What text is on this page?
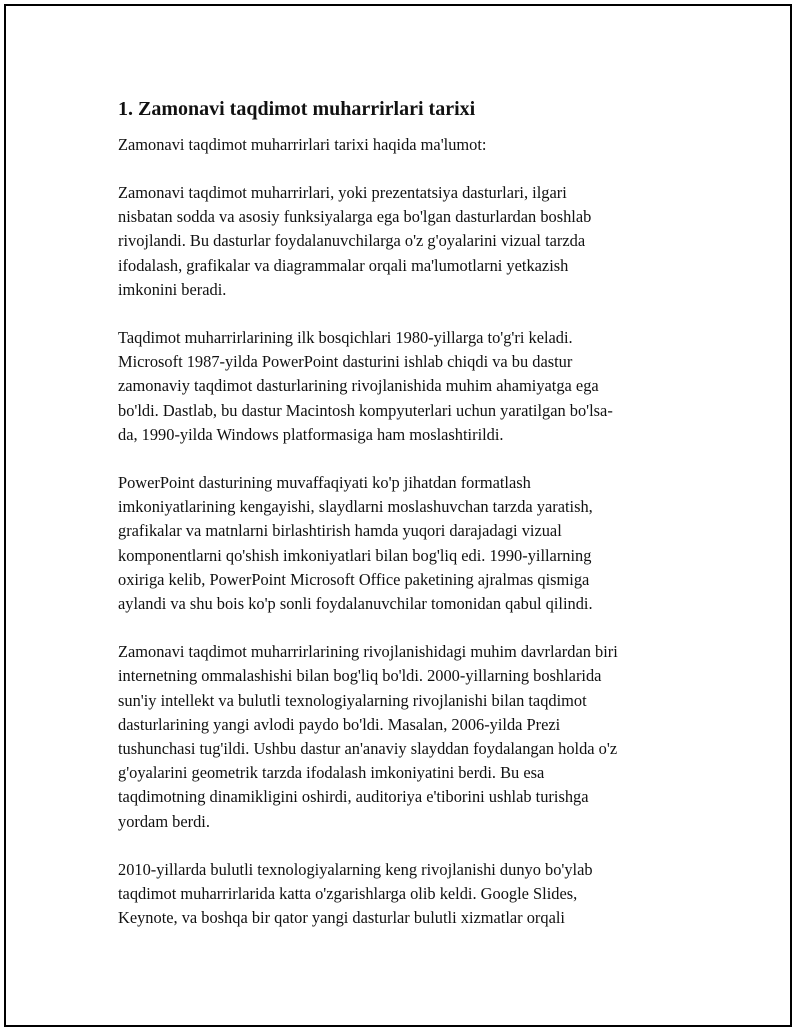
1. Zamonavi taqdimot muharrirlari tarixi

Zamonavi taqdimot muharrirlari tarixi haqida ma'lumot:

Zamonavi taqdimot muharrirlari, yoki prezentatsiya dasturlari, ilgari
nisbatan sodda va asosiy funksiyalarga ega bo'lgan dasturlardan boshlab
rivojlandi. Bu dasturlar foydalanuvchilarga o'z g'oyalarini vizual tarzda
ifodalash, grafikalar va diagrammalar orqali ma'lumotlarni yetkazish
imkonini beradi.

Taqdimot muharrirlarining ilk bosqichlari 1980-yillarga to'g'ri keladi.
Microsoft 1987-yilda PowerPoint dasturini ishlab chiqdi va bu dastur
zamonaviy taqdimot dasturlarining rivojlanishida muhim ahamiyatga ega
bo'ldi. Dastlab, bu dastur Macintosh kompyuterlari uchun yaratilgan bo'lsa-
da, 1990-yilda Windows platformasiga ham moslashtirildi.

PowerPoint dasturining muvaffaqiyati ko'p jihatdan formatlash
imkoniyatlarining kengayishi, slaydlarni moslashuvchan tarzda yaratish,
grafikalar va matnlarni birlashtirish hamda yuqori darajadagi vizual
komponentlarni qo'shish imkoniyatlari bilan bog'liq edi. 1990-yillarning
oxiriga kelib, PowerPoint Microsoft Office paketining ajralmas qismiga
aylandi va shu bois ko'p sonli foydalanuvchilar tomonidan qabul qilindi.

Zamonavi taqdimot muharrirlarining rivojlanishidagi muhim davrlardan biri
internetning ommalashishi bilan bog'liq bo'ldi. 2000-yillarning boshlarida
sun'iy intellekt va bulutli texnologiyalarning rivojlanishi bilan taqdimot
dasturlarining yangi avlodi paydo bo'ldi. Masalan, 2006-yilda Prezi
tushunchasi tug'ildi. Ushbu dastur an'anaviy slayddan foydalangan holda o'z
g'oyalarini geometrik tarzda ifodalash imkoniyatini berdi. Bu esa
taqdimotning dinamikligini oshirdi, auditoriya e'tiborini ushlab turishga
yordam berdi.

2010-yillarda bulutli texnologiyalarning keng rivojlanishi dunyo bo'ylab
taqdimot muharrirlarida katta o'zgarishlarga olib keldi. Google Slides,
Keynote, va boshqa bir qator yangi dasturlar bulutli xizmatlar orqali
